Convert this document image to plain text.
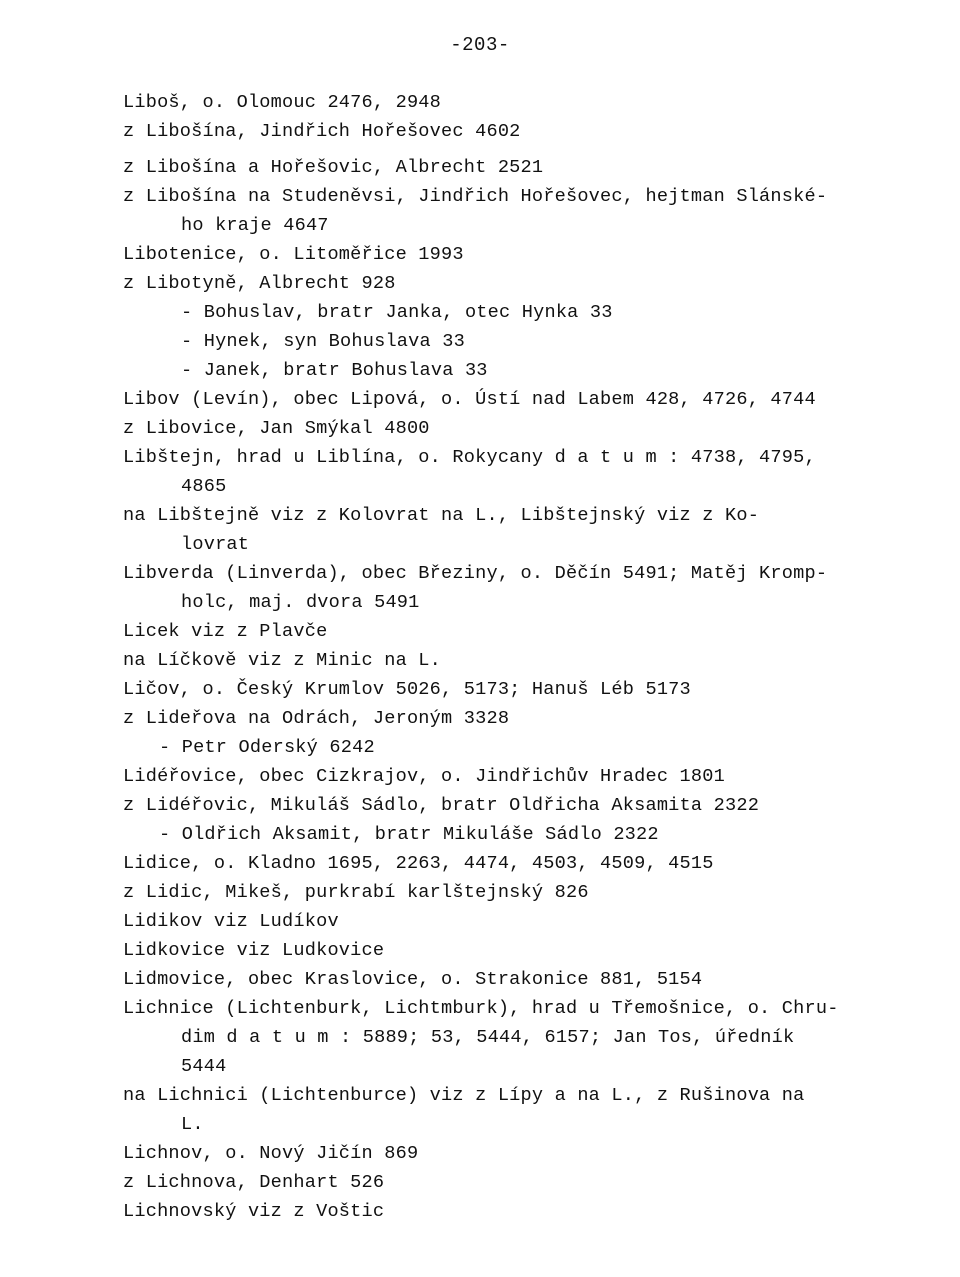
-203-
Liboš, o. Olomouc 2476, 2948
z Libošína, Jindřich Hořešovec 4602
z Libošína a Hořešovic, Albrecht 2521
z Libošína na Studeněvsi, Jindřich Hořešovec, hejtman Slánské-
ho kraje 4647
Libotenice, o. Litoměřice 1993
z Libotyně, Albrecht 928
- Bohuslav, bratr Janka, otec Hynka 33
- Hynek, syn Bohuslava 33
- Janek, bratr Bohuslava 33
Libov (Levín), obec Lipová, o. Ústí nad Labem 428, 4726, 4744
z Libovice, Jan Smýkal 4800
Libštejn, hrad u Liblína, o. Rokycany d a t u m : 4738, 4795,
4865
na Libštejně viz z Kolovrat na L., Libštejnský viz z Ko-
lovrat
Libverda (Linverda), obec Březiny, o. Děčín 5491; Matěj Kromp-
holc, maj. dvora 5491
Licek viz z Plavče
na Líčkově viz z Minic na L.
Ličov, o. Český Krumlov 5026, 5173; Hanuš Léb 5173
z Lideřova na Odrách, Jeroným 3328
- Petr Oderský 6242
Lidéřovice, obec Cizkrajov, o. Jindřichův Hradec 1801
z Lidéřovic, Mikuláš Sádlo, bratr Oldřicha Aksamita 2322
- Oldřich Aksamit, bratr Mikuláše Sádlo 2322
Lidice, o. Kladno 1695, 2263, 4474, 4503, 4509, 4515
z Lidic, Mikeš, purkrabí karlštejnský 826
Lidikov viz Ludíkov
Lidkovice viz Ludkovice
Lidmovice, obec Kraslovice, o. Strakonice 881, 5154
Lichnice (Lichtenburk, Lichtmburk), hrad u Třemošnice, o. Chru-
dim d a t u m : 5889; 53, 5444, 6157; Jan Tos, úředník
5444
na Lichnici (Lichtenburce) viz z Lípy a na L., z Rušinova na
L.
Lichnov, o. Nový Jičín 869
z Lichnova, Denhart 526
Lichnovský viz z Voštic
